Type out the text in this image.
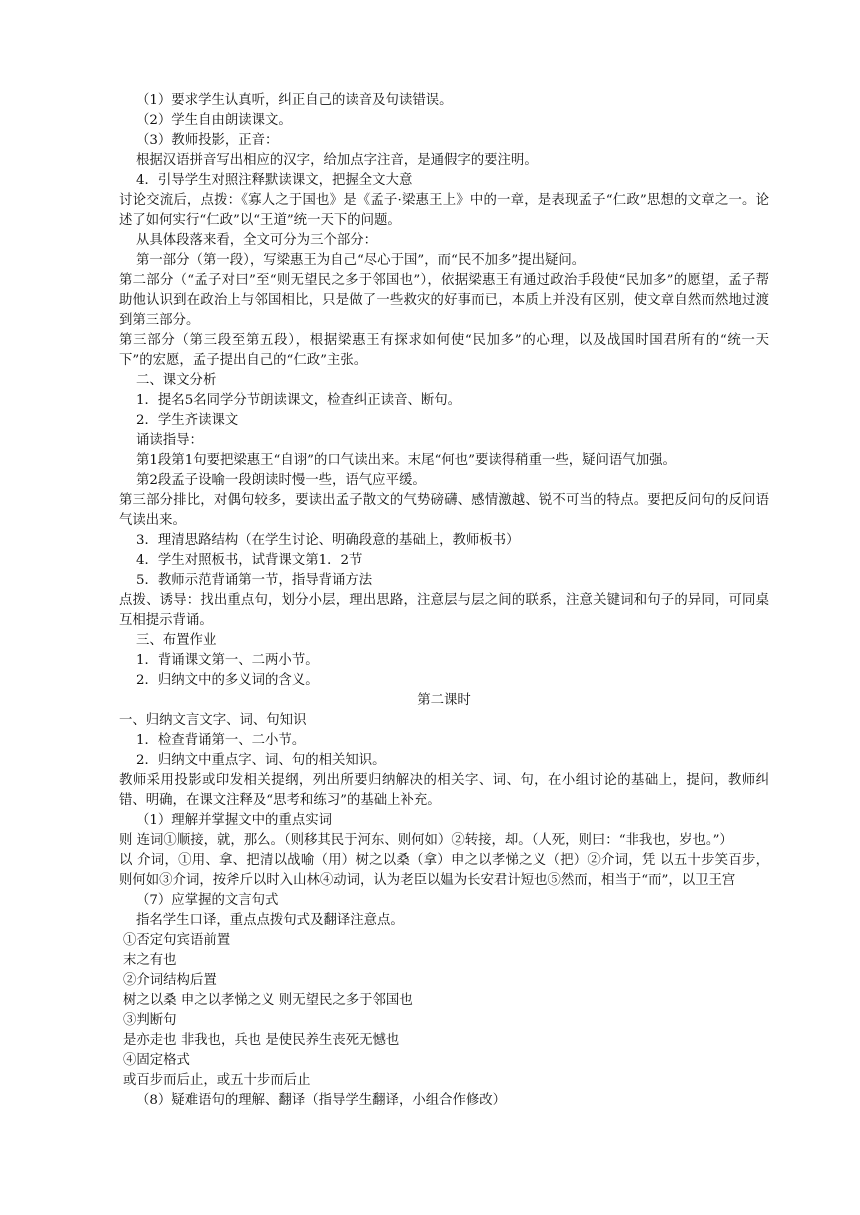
（1）要求学生认真听，纠正自己的读音及句读错误。
（2）学生自由朗读课文。
（3）教师投影，正音：
根据汉语拼音写出相应的汉字，给加点字注音，是通假字的要注明。
4．引导学生对照注释默读课文，把握全文大意
讨论交流后，点拨：《寡人之于国也》是《孟子·梁惠王上》中的一章，是表现孟子“仁政”思想的文章之一。论述了如何实行“仁政”以“王道”统一天下的问题。
从具体段落来看，全文可分为三个部分：
第一部分（第一段），写梁惠王为自己“尽心于国”，而“民不加多”提出疑问。
第二部分（“孟子对曰”至“则无望民之多于邻国也”），依据梁惠王有通过政治手段使“民加多”的愿望，孟子帮助他认识到在政治上与邻国相比，只是做了一些救灾的好事而已，本质上并没有区别，使文章自然而然地过渡到第三部分。
第三部分（第三段至第五段），根据梁惠王有探求如何使“民加多”的心理，以及战国时国君所有的“统一天下”的宏愿，孟子提出自己的“仁政”主张。
二、课文分析
1．提名5名同学分节朗读课文，检查纠正读音、断句。
2．学生齐读课文
诵读指导：
第1段第1句要把梁惠王“自诩”的口气读出来。末尾“何也”要读得稍重一些，疑问语气加强。
第2段孟子设喻一段朗读时慢一些，语气应平缓。
第三部分排比，对偶句较多，要读出孟子散文的气势磅礴、感情激越、锐不可当的特点。要把反问句的反问语气读出来。
3．理清思路结构（在学生讨论、明确段意的基础上，教师板书）
4．学生对照板书，试背课文第1．2节
5．教师示范背诵第一节，指导背诵方法
点拨、诱导：找出重点句，划分小层，理出思路，注意层与层之间的联系，注意关键词和句子的异同，可同桌互相提示背诵。
三、布置作业
1．背诵课文第一、二两小节。
2．归纳文中的多义词的含义。
第二课时
一、归纳文言文字、词、句知识
1．检查背诵第一、二小节。
2．归纳文中重点字、词、句的相关知识。
教师采用投影或印发相关提纲，列出所要归纳解决的相关字、词、句，在小组讨论的基础上，提问，教师纠错、明确，在课文注释及“思考和练习”的基础上补充。
（1）理解并掌握文中的重点实词
则 连词①顺接，就，那么。（则移其民于河东、则何如）②转接，却。（人死，则曰：“非我也，岁也。”）
以 介词，①用、拿、把清以战喻（用）树之以桑（拿）申之以孝悌之义（把）②介词，凭 以五十步笑百步，则何如③介词，按斧斤以时入山林④动词，认为老臣以媪为长安君计短也⑤然而，相当于“而”，以卫王宫
（7）应掌握的文言句式
指名学生口译，重点点拨句式及翻译注意点。
①否定句宾语前置
末之有也
②介词结构后置
树之以桑 申之以孝悌之义 则无望民之多于邻国也
③判断句
是亦走也 非我也，兵也 是使民养生丧死无憾也
④固定格式
或百步而后止，或五十步而后止
（8）疑难语句的理解、翻译（指导学生翻译，小组合作修改）
